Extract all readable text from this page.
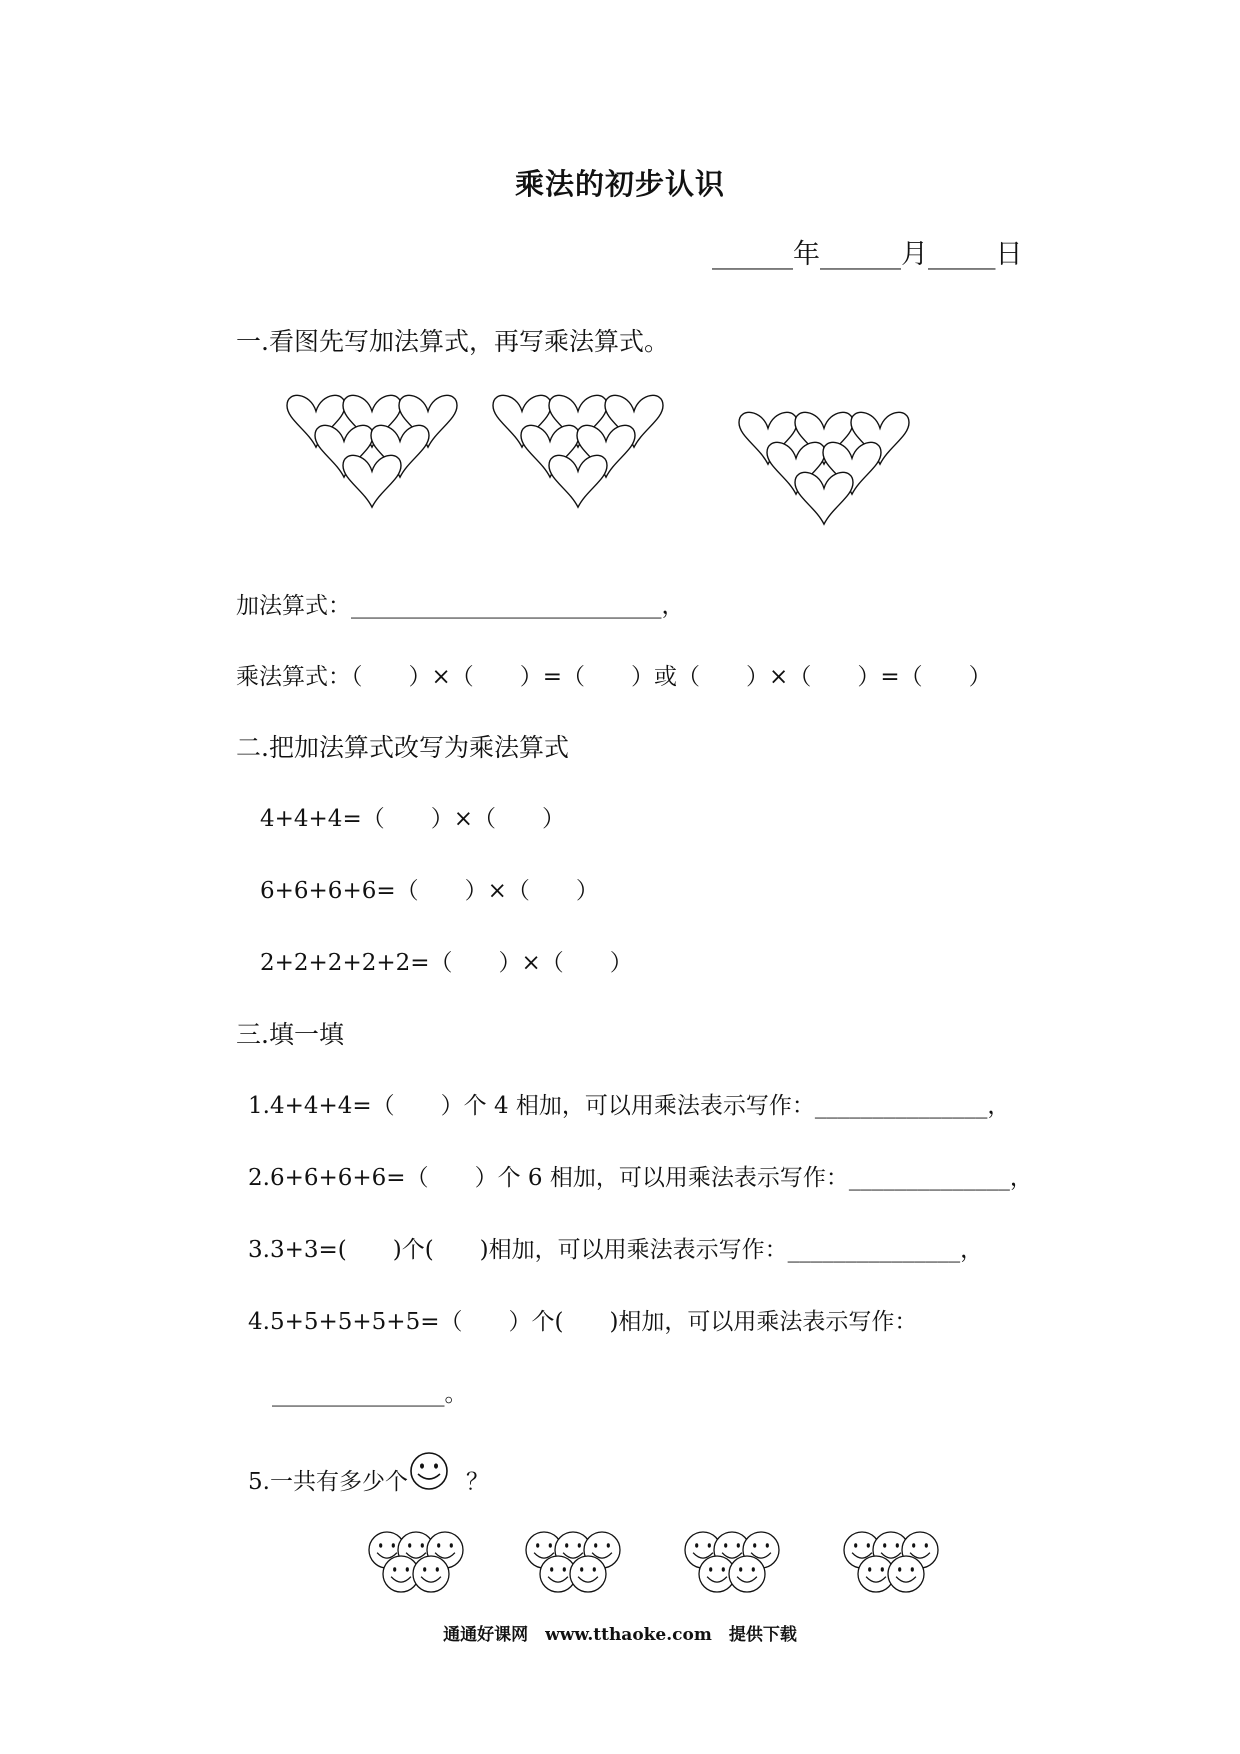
乘法的初步认识
______年______月_____日
一.看图先写加法算式，再写乘法算式。
加法算式：___________________________，
乘法算式：（　　）×（　　）=（　　）或（　　）×（　　）=（　　）
二.把加法算式改写为乘法算式
4+4+4=（　　）×（　　）
6+6+6+6=（　　）×（　　）
2+2+2+2+2=（　　）×（　　）
三.填一填
1.4+4+4=（　　）个 4 相加，可以用乘法表示写作：_______________，
2.6+6+6+6=（　　）个 6 相加，可以用乘法表示写作：______________，
3.3+3=(　　)个(　　)相加，可以用乘法表示写作：_______________，
4.5+5+5+5+5=（　　）个(　　)相加，可以用乘法表示写作：
_______________。
5.一共有多少个	？
通通好课网　www.tthaoke.com　提供下载
